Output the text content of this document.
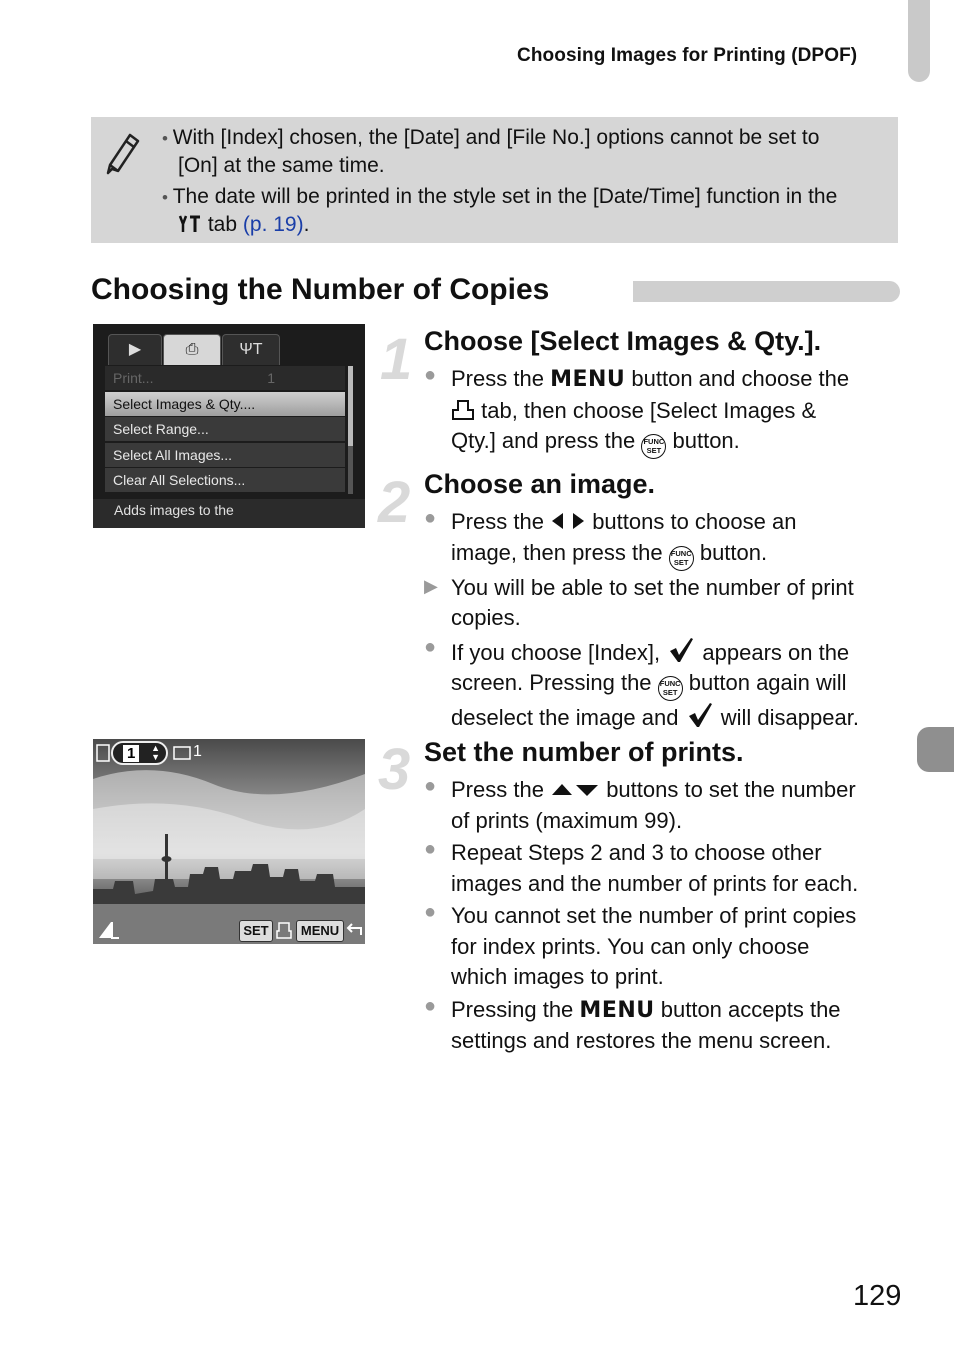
Choosing Images for Printing (DPOF)
• With [Index] chosen, the [Date] and [File No.] options cannot be set to
[On] at the same time.
• The date will be printed in the style set in the [Date/Time] function in the
tab (p. 19).
Choosing the Number of Copies
▶	⎙	ΨT
Print...	1
Select Images & Qty....
Select Range...
Select All Images...
Clear All Selections...
Adds images to the
1	▲
▼ 1
SET	MENU
1
2
3
Choose [Select Images & Qty.].
● Press the MENU button and choose the
tab, then choose [Select Images &
Qty.] and press the FUNC
SET button.
Choose an image.
● Press the buttons to choose an
image, then press the FUNC
SET button.
▶ You will be able to set the number of print
copies.
● If you choose [Index], appears on the
screen. Pressing the FUNC
SET button again will
deselect the image and will disappear.
Set the number of prints.
● Press the	buttons to set the number
of prints (maximum 99).
● Repeat Steps 2 and 3 to choose other
images and the number of prints for each.
● You cannot set the number of print copies
for index prints. You can only choose
which images to print.
● Pressing the MENU button accepts the
settings and restores the menu screen.
129
